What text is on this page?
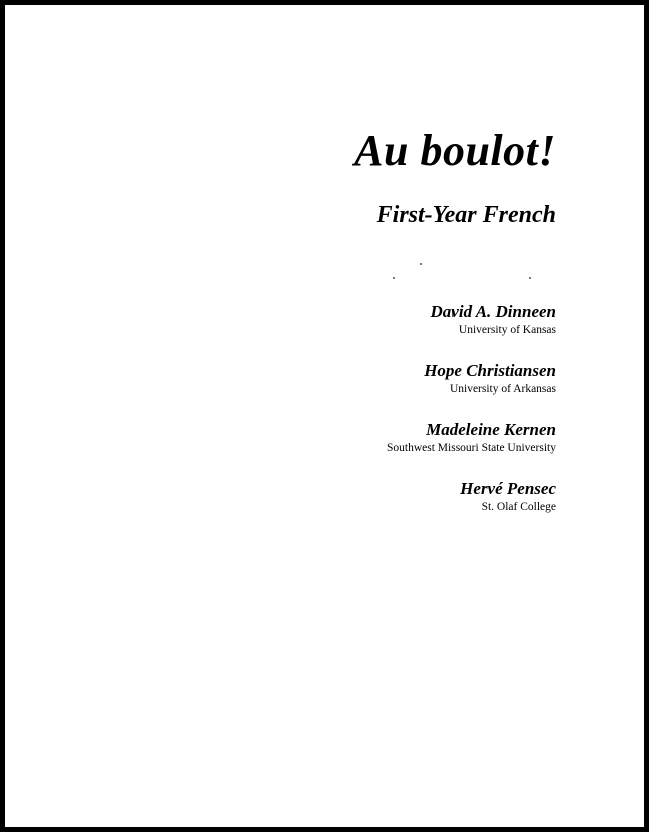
Au boulot!
First-Year French
David A. Dinneen
University of Kansas
Hope Christiansen
University of Arkansas
Madeleine Kernen
Southwest Missouri State University
Hervé Pensec
St. Olaf College
